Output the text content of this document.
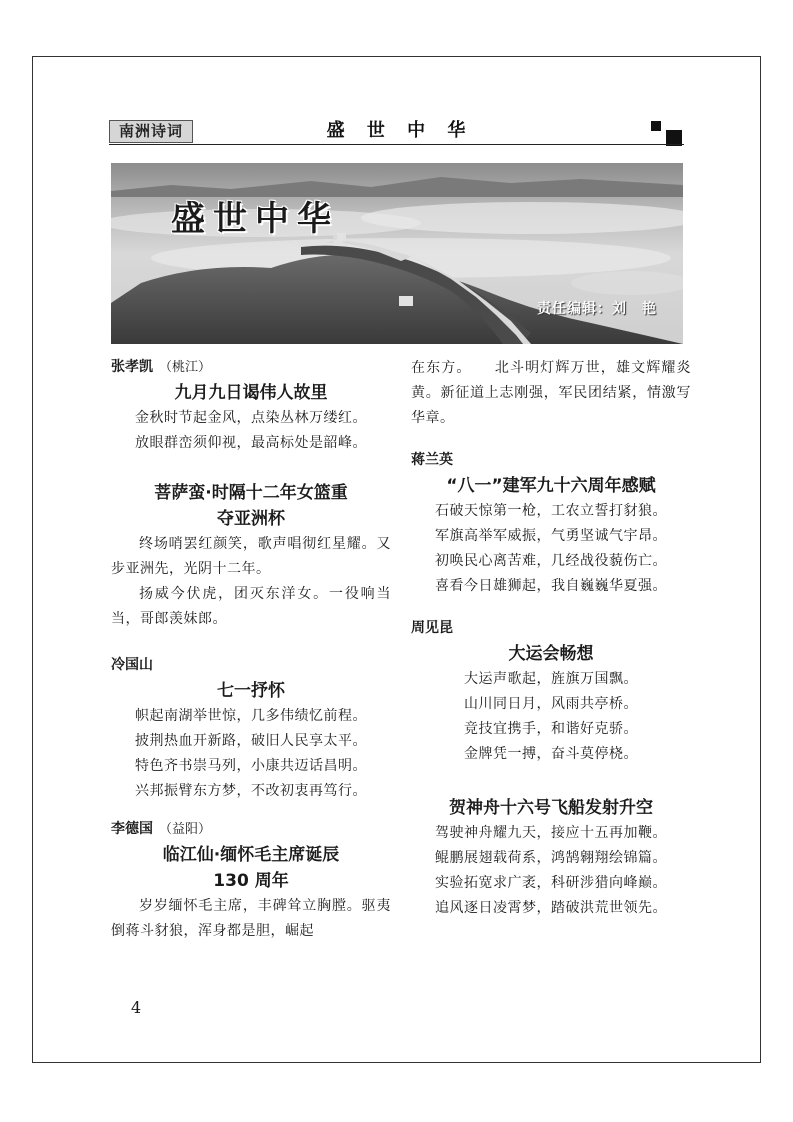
南洲诗词	盛 世 中 华
盛世中华
责任编辑：刘　艳

张孝凯 （桃江）

九月九日谒伟人故里

金秋时节起金风，点染丛林万缕红。

放眼群峦须仰视，最高标处是韶峰。

菩萨蛮·时隔十二年女篮重

夺亚洲杯

终场哨罢红颜笑，歌声唱彻红星耀。又步亚洲先，光阴十二年。

扬威今伏虎，团灭东洋女。一役响当当，哥郎羡妹郎。

冷国山

七一抒怀

帜起南湖举世惊，几多伟绩忆前程。

披荆热血开新路，破旧人民享太平。

特色齐书崇马列，小康共迈话昌明。

兴邦振臂东方梦，不改初衷再笃行。

李德国 （益阳）

临江仙·缅怀毛主席诞辰

130 周年

岁岁缅怀毛主席，丰碑耸立胸膛。驱夷倒蒋斗豺狼，浑身都是胆，崛起

在东方。　　北斗明灯辉万世，雄文辉耀炎黄。新征道上志刚强，军民团结紧，情激写华章。

蒋兰英

“八一”建军九十六周年感赋

石破天惊第一枪，工农立誓打豺狼。

军旗高举军威振，气勇坚诚气宇昂。

初唤民心离苦难，几经战役藐伤亡。

喜看今日雄狮起，我自巍巍华夏强。

周见昆

大运会畅想

大运声歌起，旌旗万国飘。

山川同日月，风雨共亭桥。

竞技宜携手，和谐好克骄。

金牌凭一搏，奋斗莫停桡。

贺神舟十六号飞船发射升空

驾驶神舟耀九天，接应十五再加鞭。

鲲鹏展翅载荷系，鸿鹄翱翔绘锦篇。

实验拓宽求广袤，科研涉猎向峰巅。

追风逐日凌霄梦，踏破洪荒世领先。

4
